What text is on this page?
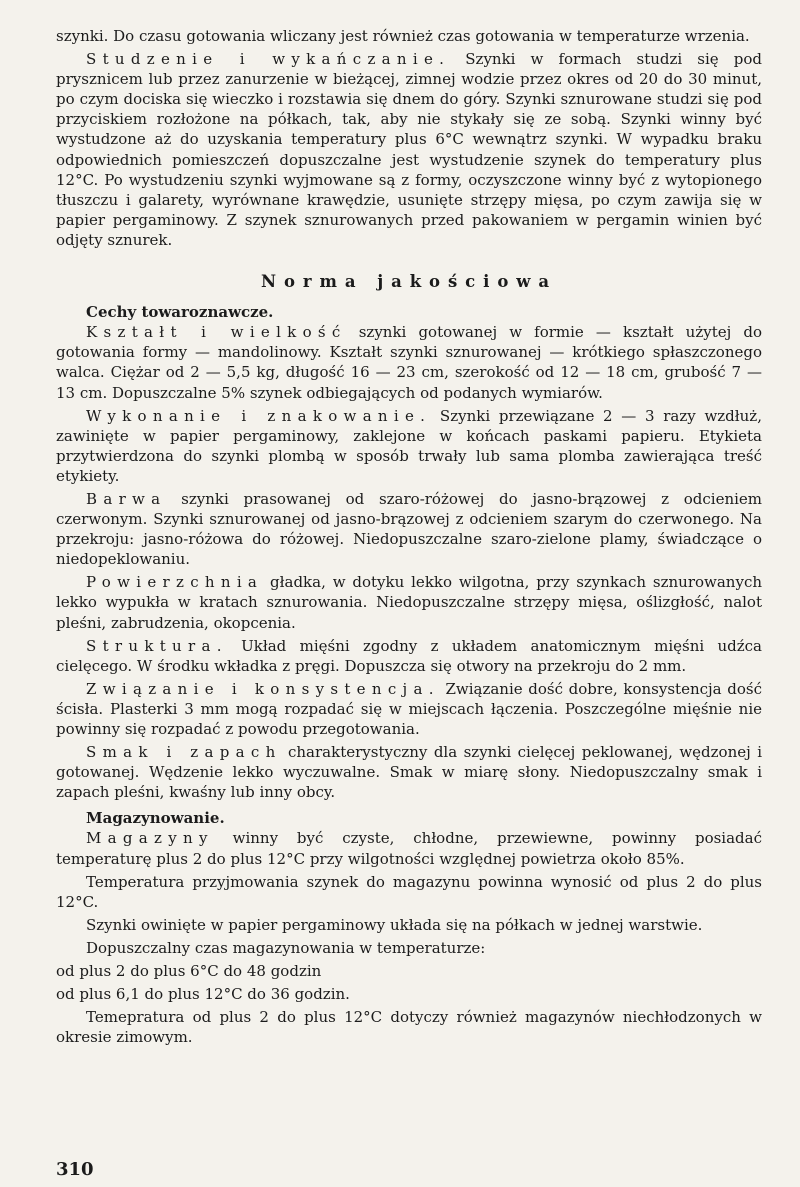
szynki. Do czasu gotowania wliczany jest również czas gotowania w temperaturze wrzenia.

Studzenie i wykańczanie. Szynki w formach studzi się pod prysznicem lub przez zanurzenie w bieżącej, zimnej wodzie przez okres od 20 do 30 minut, po czym dociska się wieczko i rozstawia się dnem do góry. Szynki sznurowane studzi się pod przyciskiem rozłożone na półkach, tak, aby nie stykały się ze sobą. Szynki winny być wystudzone aż do uzyskania temperatury plus 6°C wewnątrz szynki. W wypadku braku odpowiednich pomieszczeń dopuszczalne jest wystudzenie szynek do temperatury plus 12°C. Po wystudzeniu szynki wyjmowane są z formy, oczyszczone winny być z wytopionego tłuszczu i galarety, wyrównane krawędzie, usunięte strzępy mięsa, po czym zawija się w papier pergaminowy. Z szynek sznurowanych przed pakowaniem w pergamin winien być odjęty sznurek.

Norma jakościowa

Cechy towaroznawcze.

Kształt i wielkość szynki gotowanej w formie — kształt użytej do gotowania formy — mandolinowy. Kształt szynki sznurowanej — krótkiego spłaszczonego walca. Ciężar od 2 — 5,5 kg, długość 16 — 23 cm, szerokość od 12 — 18 cm, grubość 7 — 13 cm. Dopuszczalne 5% szynek odbiegających od podanych wymiarów.

Wykonanie i znakowanie. Szynki przewiązane 2 — 3 razy wzdłuż, zawinięte w papier pergaminowy, zaklejone w końcach paskami papieru. Etykieta przytwierdzona do szynki plombą w sposób trwały lub sama plomba zawierająca treść etykiety.

Barwa szynki prasowanej od szaro-różowej do jasno-brązowej z odcieniem czerwonym. Szynki sznurowanej od jasno-brązowej z odcieniem szarym do czerwonego. Na przekroju: jasno-różowa do różowej. Niedopuszczalne szaro-zielone plamy, świadczące o niedopeklowaniu.

Powierzchnia gładka, w dotyku lekko wilgotna, przy szynkach sznurowanych lekko wypukła w kratach sznurowania. Niedopuszczalne strzępy mięsa, oślizgłość, nalot pleśni, zabrudzenia, okopcenia.

Struktura. Układ mięśni zgodny z układem anatomicznym mięśni udźca cielęcego. W środku wkładka z pręgi. Dopuszcza się otwory na przekroju do 2 mm.

Związanie i konsystencja. Związanie dość dobre, konsystencja dość ścisła. Plasterki 3 mm mogą rozpadać się w miejscach łączenia. Poszczególne mięśnie nie powinny się rozpadać z powodu przegotowania.

Smak i zapach charakterystyczny dla szynki cielęcej peklowanej, wędzonej i gotowanej. Wędzenie lekko wyczuwalne. Smak w miarę słony. Niedopuszczalny smak i zapach pleśni, kwaśny lub inny obcy.

Magazynowanie.

Magazyny winny być czyste, chłodne, przewiewne, powinny posiadać temperaturę plus 2 do plus 12°C przy wilgotności względnej powietrza około 85%.

Temperatura przyjmowania szynek do magazynu powinna wynosić od plus 2 do plus 12°C.

Szynki owinięte w papier pergaminowy układa się na półkach w jednej warstwie.

Dopuszczalny czas magazynowania w temperaturze:

od plus 2 do plus 6°C do 48 godzin

od plus 6,1 do plus 12°C do 36 godzin.

Temepratura od plus 2 do plus 12°C dotyczy również magazynów niechłodzonych w okresie zimowym.

310
